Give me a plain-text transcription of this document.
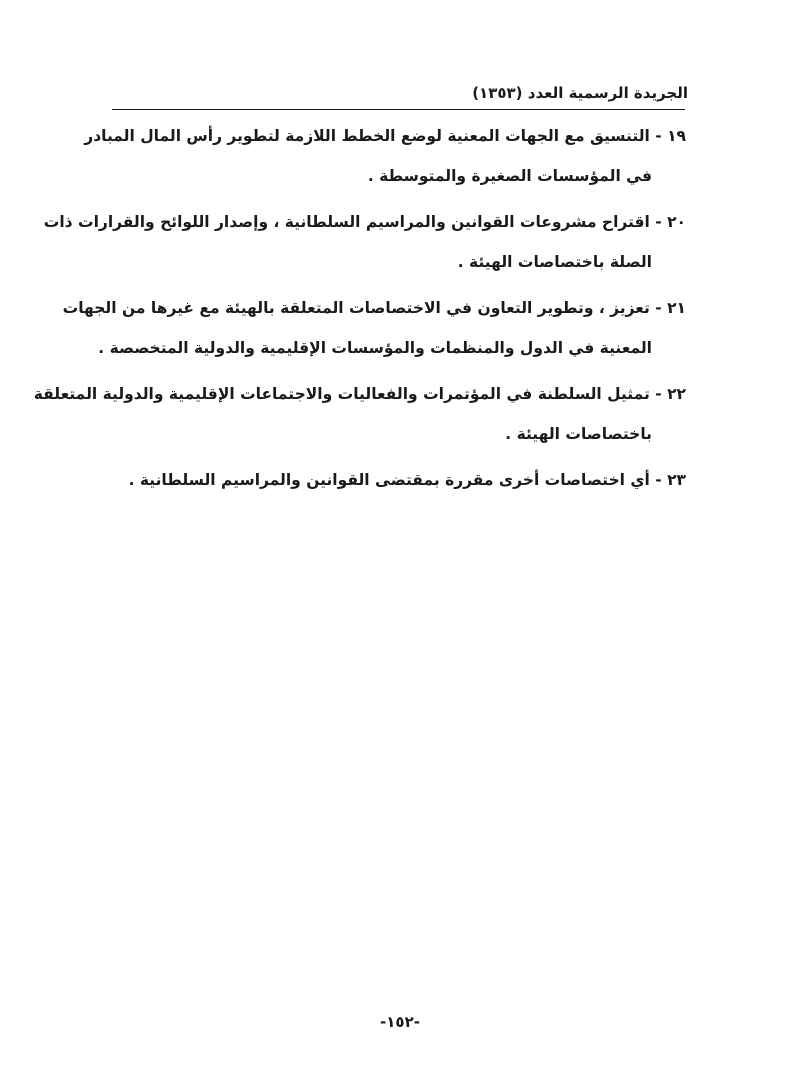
الجريدة الرسمية العدد (١٣٥٣)
١٩ - التنسيق مع الجهات المعنية لوضع الخطط اللازمة لتطوير رأس المال المبادر
في المؤسسات الصغيرة والمتوسطة .
٢٠ - اقتراح مشروعات القوانين والمراسيم السلطانية ، وإصدار اللوائح والقرارات ذات
الصلة باختصاصات الهيئة .
٢١ - تعزيز ، وتطوير التعاون في الاختصاصات المتعلقة بالهيئة مع غيرها من الجهات
المعنية في الدول والمنظمات والمؤسسات الإقليمية والدولية المتخصصة .
٢٢ - تمثيل السلطنة في المؤتمرات والفعاليات والاجتماعات الإقليمية والدولية المتعلقة
باختصاصات الهيئة .
٢٣ - أي اختصاصات أخرى مقررة بمقتضى القوانين والمراسيم السلطانية .
-١٥٢-
